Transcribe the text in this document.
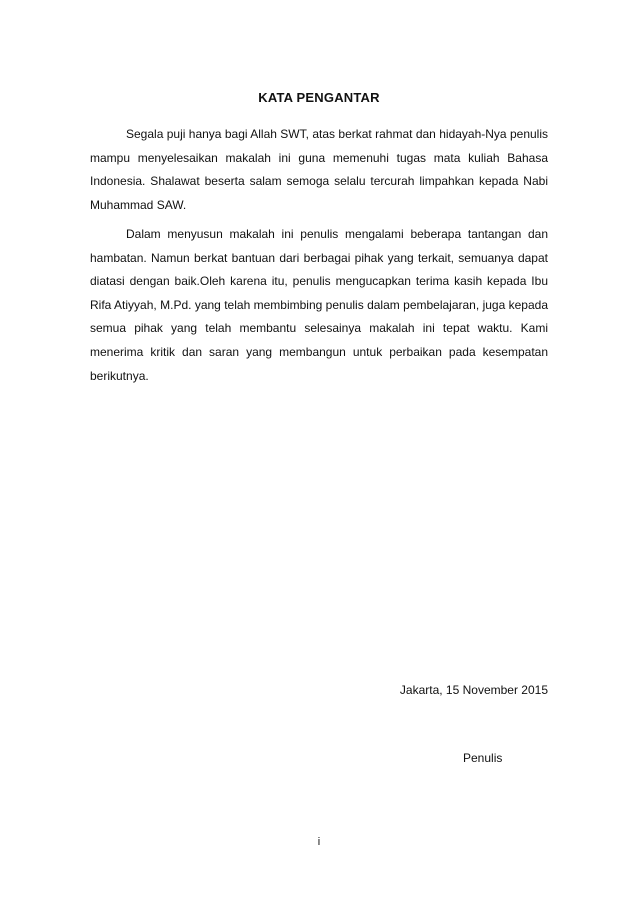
KATA PENGANTAR

Segala puji hanya bagi Allah SWT, atas berkat rahmat dan hidayah-Nya penulis mampu menyelesaikan makalah ini guna memenuhi tugas mata kuliah Bahasa Indonesia. Shalawat beserta salam semoga selalu tercurah limpahkan kepada Nabi Muhammad SAW.

Dalam menyusun makalah ini penulis mengalami beberapa tantangan dan hambatan. Namun berkat bantuan dari berbagai pihak yang terkait, semuanya dapat diatasi dengan baik.Oleh karena itu, penulis mengucapkan terima kasih kepada Ibu Rifa Atiyyah, M.Pd. yang telah membimbing penulis dalam pembelajaran, juga kepada semua pihak yang telah membantu selesainya makalah ini tepat waktu. Kami menerima kritik dan saran yang membangun untuk perbaikan pada kesempatan berikutnya.

Jakarta, 15 November 2015
Penulis
i
